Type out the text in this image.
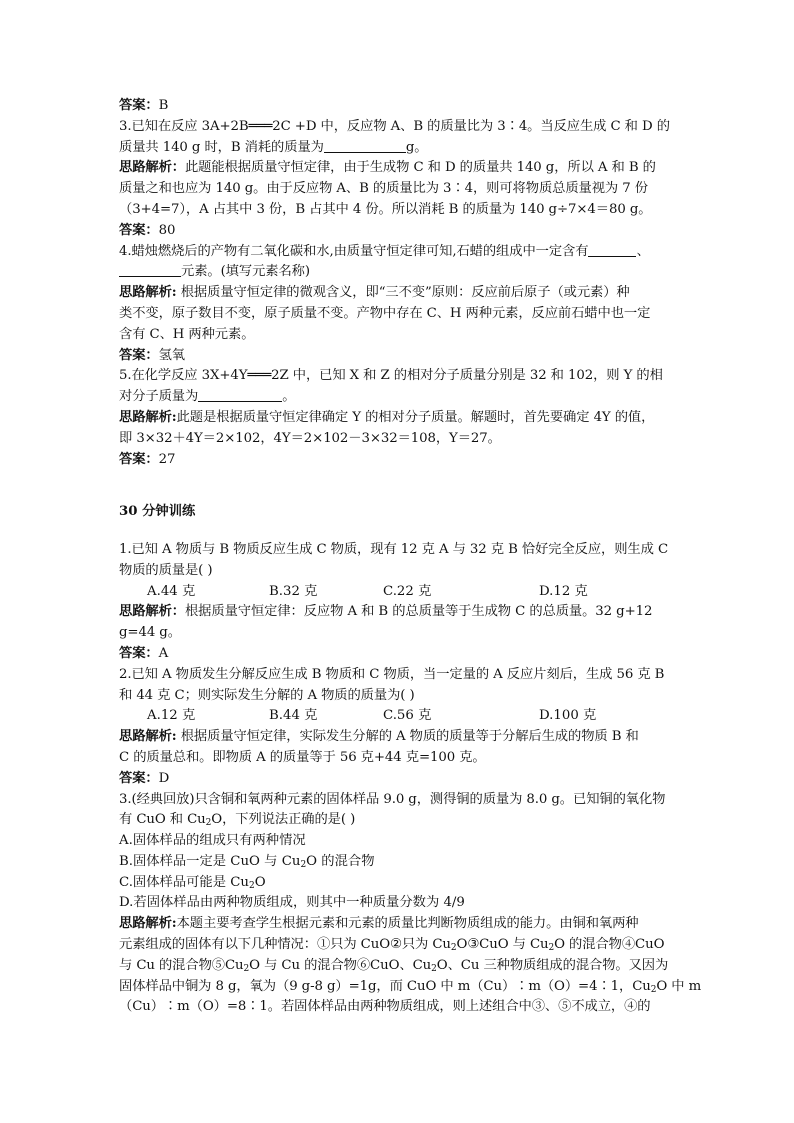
答案：B
3.已知在反应 3A+2B═══2C +D 中，反应物 A、B 的质量比为 3∶4。当反应生成 C 和 D 的
质量共 140 g 时，B 消耗的质量为	g。
思路解析：此题能根据质量守恒定律，由于生成物 C 和 D 的质量共 140 g，所以 A 和 B 的
质量之和也应为 140 g。由于反应物 A、B 的质量比为 3∶4，则可将物质总质量视为 7 份
（3+4=7），A 占其中 3 份，B 占其中 4 份。所以消耗 B 的质量为 140 g÷7×4＝80 g。
答案：80
4.蜡烛燃烧后的产物有二氧化碳和水,由质量守恒定律可知,石蜡的组成中一定含有	、
元素。(填写元素名称)
思路解析: 根据质量守恒定律的微观含义，即“三不变”原则：反应前后原子（或元素）种
类不变，原子数目不变，原子质量不变。产物中存在 C、H 两种元素，反应前石蜡中也一定
含有 C、H 两种元素。
答案：氢氧
5.在化学反应 3X+4Y═══2Z 中，已知 X 和 Z 的相对分子质量分别是 32 和 102，则 Y 的相
对分子质量为	。
思路解析:此题是根据质量守恒定律确定 Y 的相对分子质量。解题时，首先要确定 4Y 的值，
即 3×32＋4Y＝2×102，4Y＝2×102－3×32＝108，Y＝27。
答案：27
30 分钟训练
1.已知 A 物质与 B 物质反应生成 C 物质，现有 12 克 A 与 32 克 B 恰好完全反应，则生成 C
物质的质量是( )
A.44 克	B.32 克	C.22 克	D.12 克
思路解析：根据质量守恒定律：反应物 A 和 B 的总质量等于生成物 C 的总质量。32 g+12
g=44 g。
答案：A
2.已知 A 物质发生分解反应生成 B 物质和 C 物质，当一定量的 A 反应片刻后，生成 56 克 B
和 44 克 C；则实际发生分解的 A 物质的质量为( )
A.12 克	B.44 克	C.56 克	D.100 克
思路解析: 根据质量守恒定律，实际发生分解的 A 物质的质量等于分解后生成的物质 B 和
C 的质量总和。即物质 A 的质量等于 56 克+44 克=100 克。
答案：D
3.(经典回放)只含铜和氧两种元素的固体样品 9.0 g，测得铜的质量为 8.0 g。已知铜的氧化物
有 CuO 和 $Cu_2O$，下列说法正确的是( )
A.固体样品的组成只有两种情况
B.固体样品一定是 CuO 与 $Cu_2O$ 的混合物
C.固体样品可能是 $Cu_2O$
D.若固体样品由两种物质组成，则其中一种质量分数为 4/9
思路解析:本题主要考查学生根据元素和元素的质量比判断物质组成的能力。由铜和氧两种
元素组成的固体有以下几种情况：①只为 CuO②只为 $Cu_2O③CuO$ 与 $Cu_2O$ 的混合物④CuO
与 Cu 的混合物$⑤Cu_2O$ 与 Cu 的混合物⑥CuO、$Cu_2O$、Cu 三种物质组成的混合物。又因为
固体样品中铜为 8 g，氧为（9 g-8 g）=1g，而 CuO 中 m（Cu）∶m（O）=4∶1，$Cu_2O$ 中 m
（Cu）∶m（O）=8∶1。若固体样品由两种物质组成，则上述组合中③、⑤不成立，④的
